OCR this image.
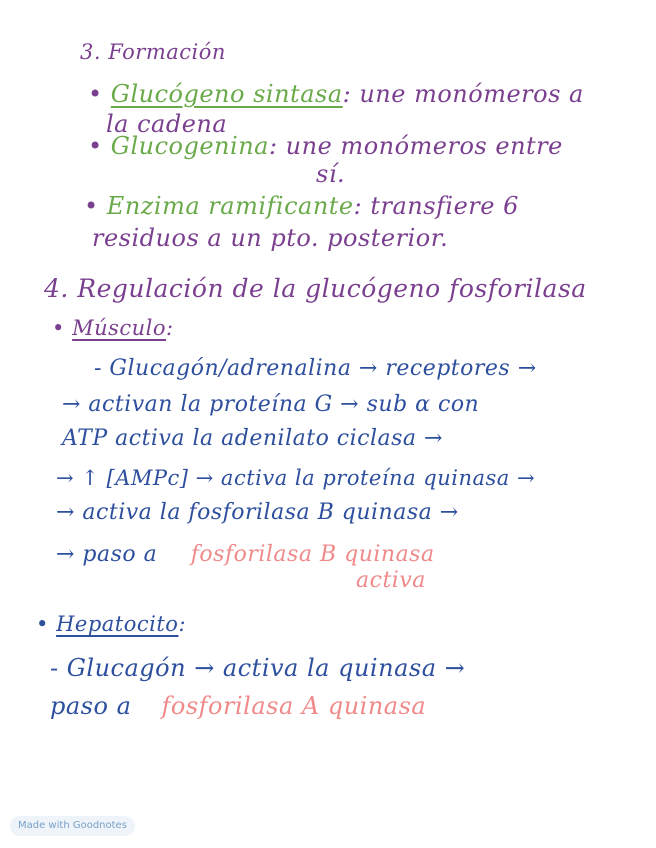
3. Formación
• Glucógeno sintasa: une monómeros a
la cadena
• Glucogenina: une monómeros entre
sí.
• Enzima ramificante: transfiere 6
residuos a un pto. posterior.
4. Regulación de la glucógeno fosforilasa
• Músculo:
- Glucagón/adrenalina → receptores →
→ activan la proteína G → sub α con
ATP activa la adenilato ciclasa →
→ ↑ [AMPc] → activa la proteína quinasa →
→ activa la fosforilasa B quinasa →
→ paso a fosforilasa B quinasa
activa
• Hepatocito:
- Glucagón → activa la quinasa →
paso a fosforilasa A quinasa
Made with Goodnotes
